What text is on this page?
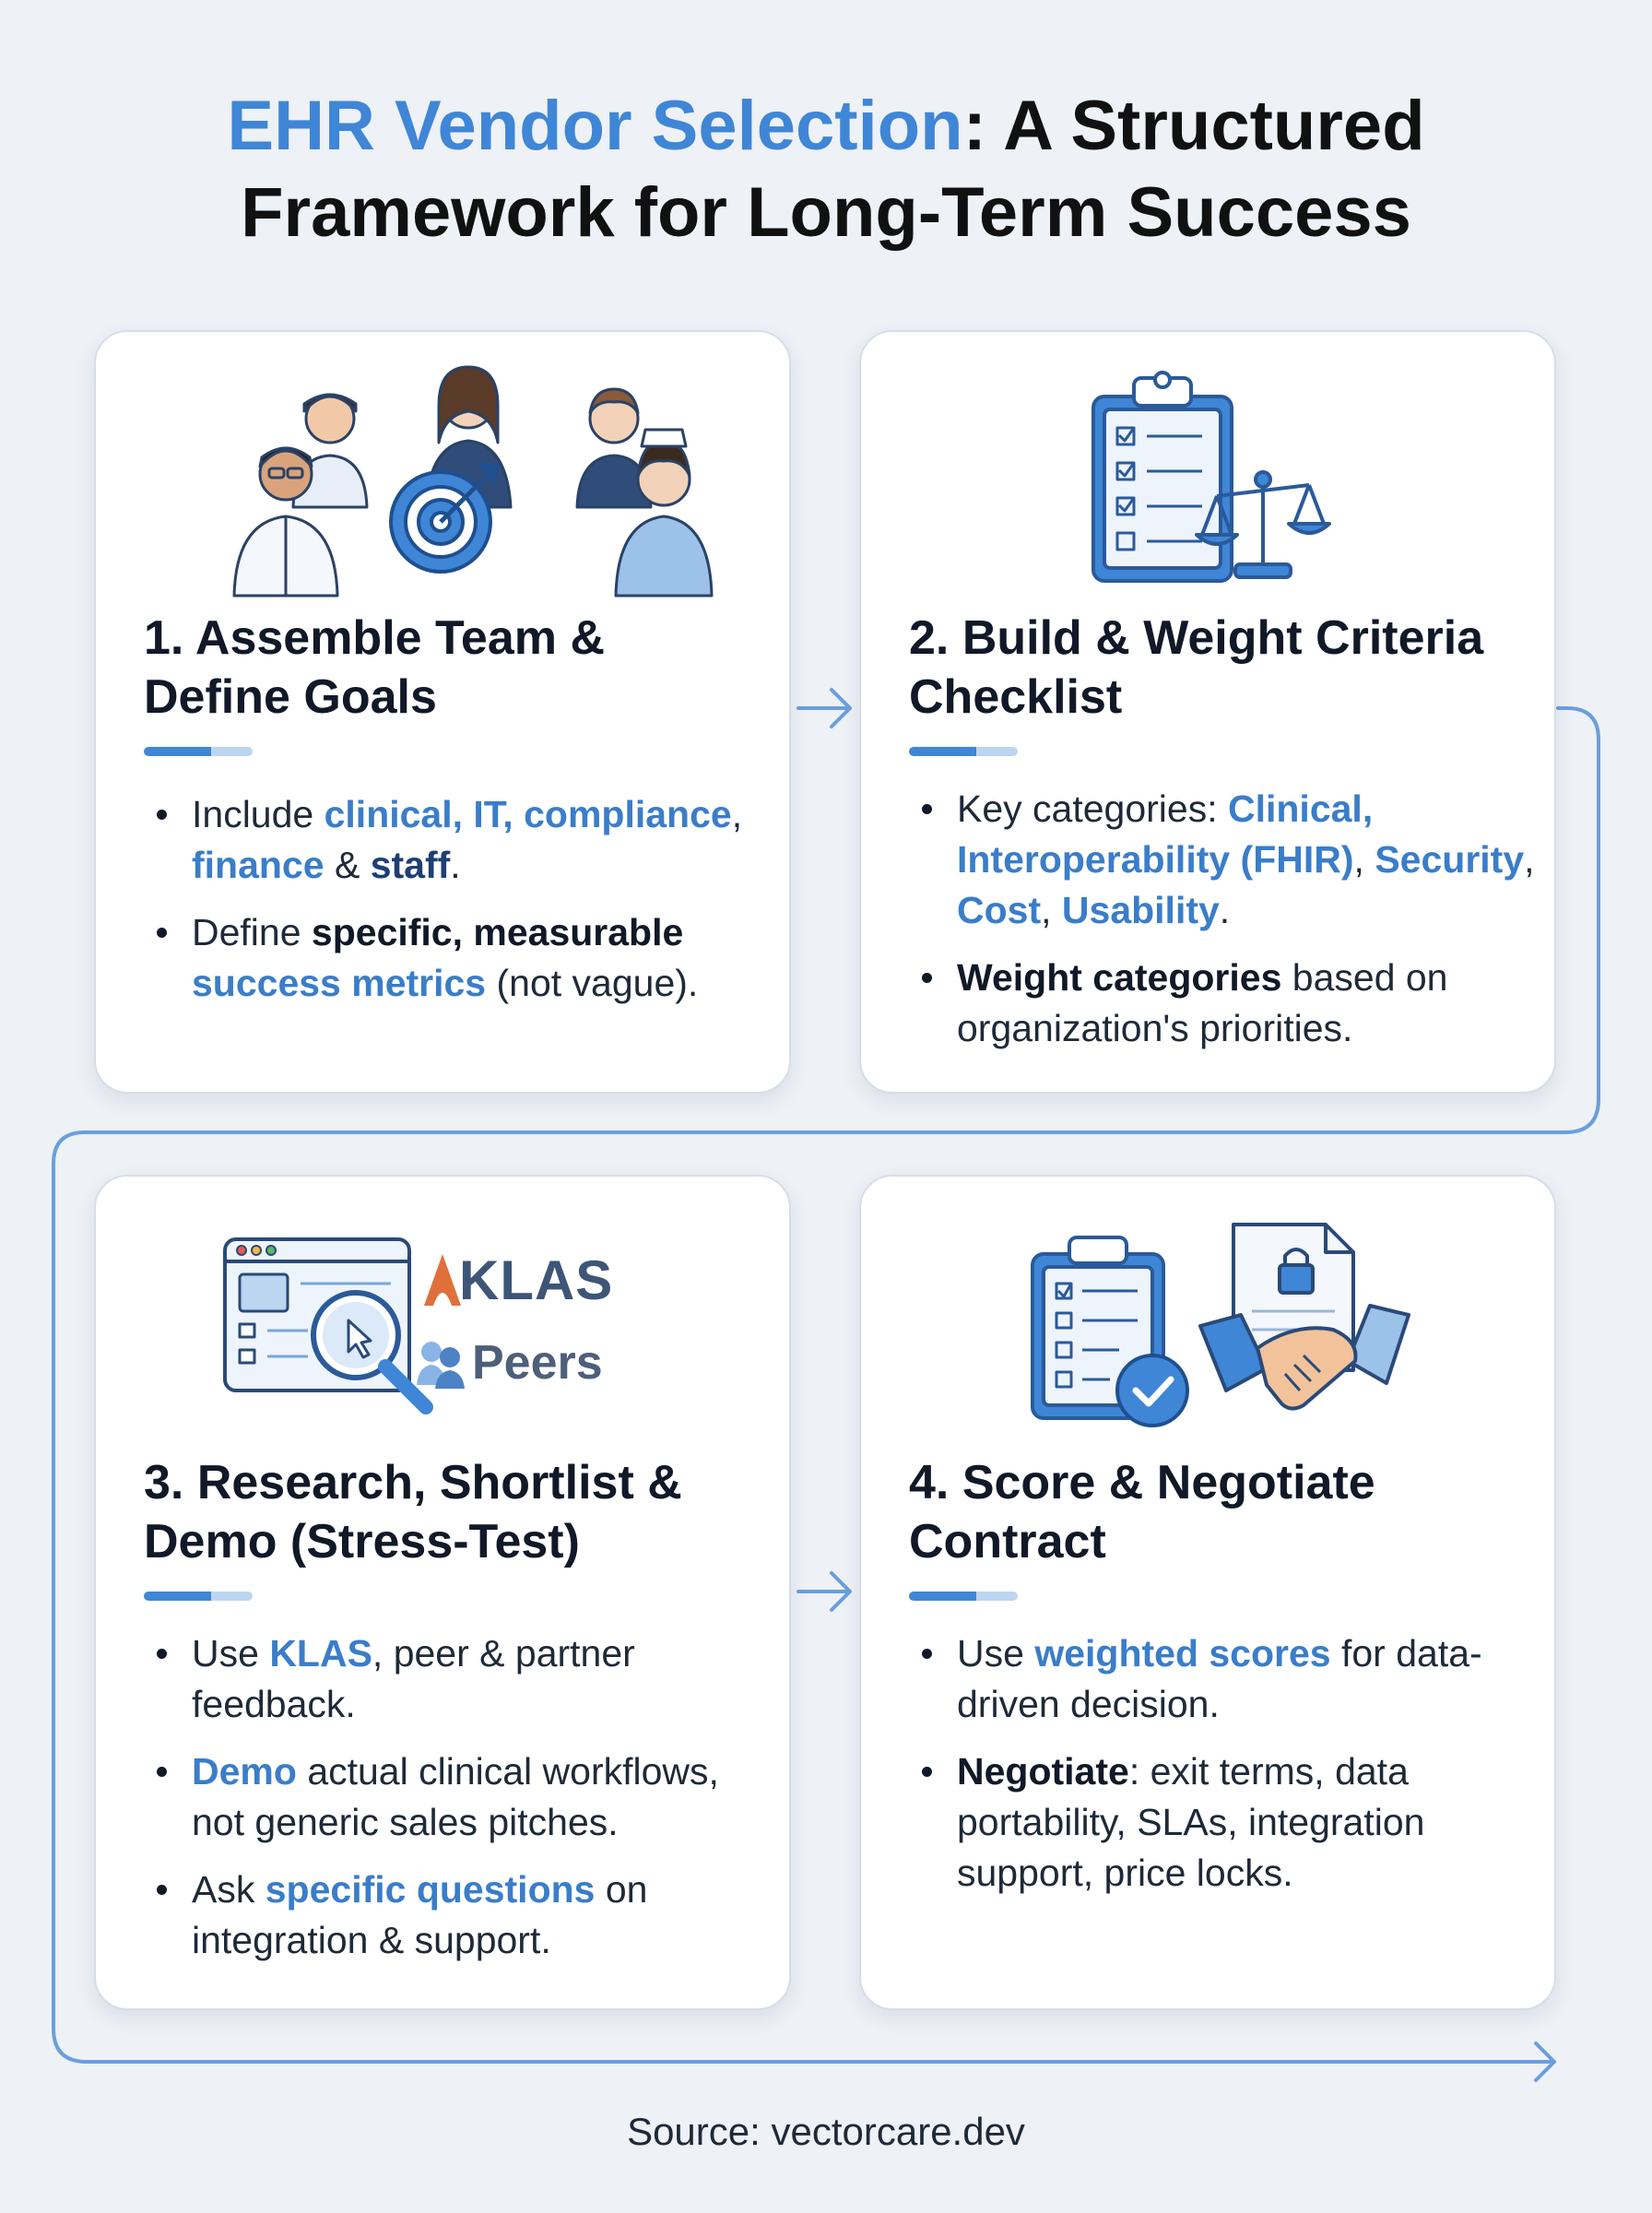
EHR Vendor Selection: A Structured
Framework for Long-Term Success
1. Assemble Team & Define Goals
Include clinical, IT, compliance, finance & staff.
Define specific, measurable success metrics (not vague).
2. Build & Weight Criteria Checklist
Key categories: Clinical, Interoperability (FHIR), Security, Cost, Usability.
Weight categories based on organization's priorities.
KLAS
Peers
3. Research, Shortlist & Demo (Stress-Test)
Use KLAS, peer & partner feedback.
Demo actual clinical workflows, not generic sales pitches.
Ask specific questions on integration & support.
4. Score & Negotiate Contract
Use weighted scores for data-driven decision.
Negotiate: exit terms, data portability, SLAs, integration support, price locks.
Source: vectorcare.dev
